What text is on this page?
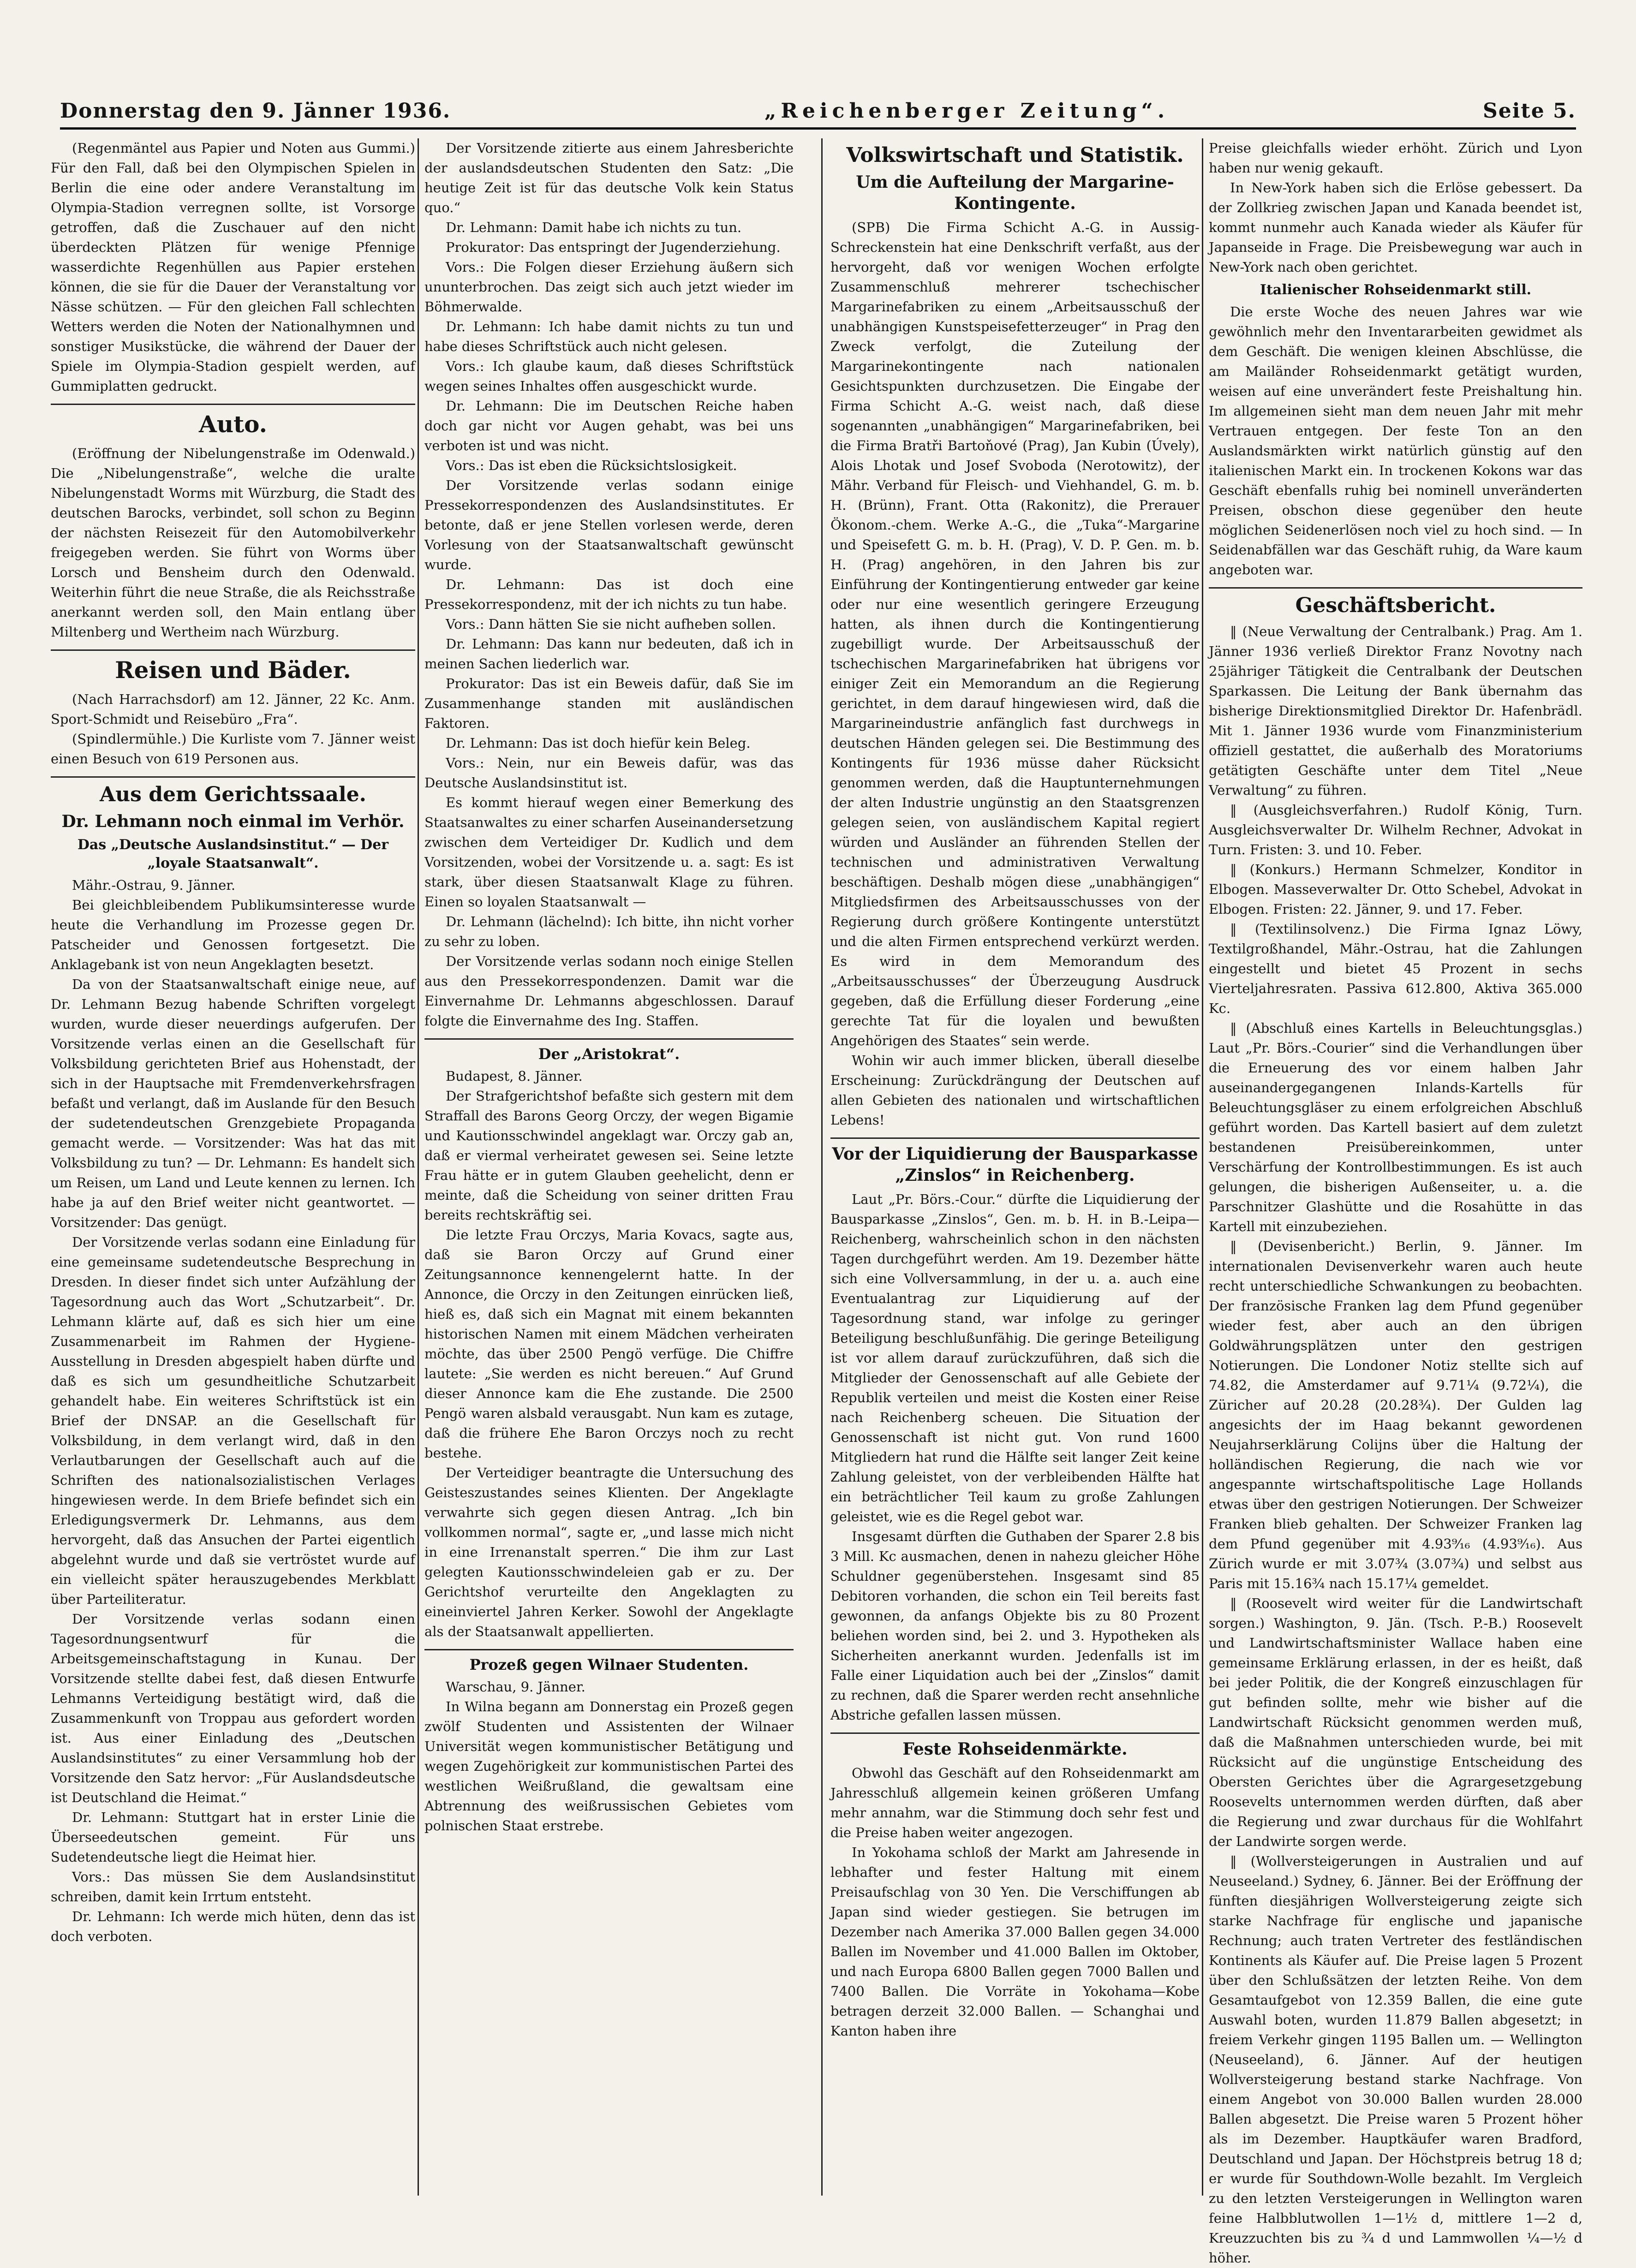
Donnerstag den 9. Jänner 1936.	„Reichenberger Zeitung“.	Seite 5.

(Regenmäntel aus Papier und Noten aus Gummi.) Für den Fall, daß bei den Olympischen Spielen in Berlin die eine oder andere Veranstaltung im Olympia-Stadion verregnen sollte, ist Vorsorge getroffen, daß die Zuschauer auf den nicht überdeckten Plätzen für wenige Pfennige wasserdichte Regenhüllen aus Papier erstehen können, die sie für die Dauer der Veranstaltung vor Nässe schützen. — Für den gleichen Fall schlechten Wetters werden die Noten der Nationalhymnen und sonstiger Musikstücke, die während der Dauer der Spiele im Olympia-Stadion gespielt werden, auf Gummiplatten gedruckt.

Auto.

(Eröffnung der Nibelungenstraße im Odenwald.) Die „Nibelungenstraße“, welche die uralte Nibelungenstadt Worms mit Würzburg, die Stadt des deutschen Barocks, verbindet, soll schon zu Beginn der nächsten Reisezeit für den Automobilverkehr freigegeben werden. Sie führt von Worms über Lorsch und Bensheim durch den Odenwald. Weiterhin führt die neue Straße, die als Reichsstraße anerkannt werden soll, den Main entlang über Miltenberg und Wertheim nach Würzburg.

Reisen und Bäder.

(Nach Harrachsdorf) am 12. Jänner, 22 Kc. Anm. Sport-Schmidt und Reisebüro „Fra“.

(Spindlermühle.) Die Kurliste vom 7. Jänner weist einen Besuch von 619 Personen aus.

Aus dem Gerichtssaale.
Dr. Lehmann noch einmal im Verhör.
Das „Deutsche Auslandsinstitut.“ — Der „loyale Staatsanwalt“.

Mähr.-Ostrau, 9. Jänner.

Bei gleichbleibendem Publikumsinteresse wurde heute die Verhandlung im Prozesse gegen Dr. Patscheider und Genossen fortgesetzt. Die Anklagebank ist von neun Angeklagten besetzt.

Da von der Staatsanwaltschaft einige neue, auf Dr. Lehmann Bezug habende Schriften vorgelegt wurden, wurde dieser neuerdings aufgerufen. Der Vorsitzende verlas einen an die Gesellschaft für Volksbildung gerichteten Brief aus Hohenstadt, der sich in der Hauptsache mit Fremdenverkehrsfragen befaßt und verlangt, daß im Auslande für den Besuch der sudetendeutschen Grenzgebiete Propaganda gemacht werde. — Vorsitzender: Was hat das mit Volksbildung zu tun? — Dr. Lehmann: Es handelt sich um Reisen, um Land und Leute kennen zu lernen. Ich habe ja auf den Brief weiter nicht geantwortet. — Vorsitzender: Das genügt.

Der Vorsitzende verlas sodann eine Einladung für eine gemeinsame sudetendeutsche Besprechung in Dresden. In dieser findet sich unter Aufzählung der Tagesordnung auch das Wort „Schutzarbeit“. Dr. Lehmann klärte auf, daß es sich hier um eine Zusammenarbeit im Rahmen der Hygiene-Ausstellung in Dresden abgespielt haben dürfte und daß es sich um gesundheitliche Schutzarbeit gehandelt habe. Ein weiteres Schriftstück ist ein Brief der DNSAP. an die Gesellschaft für Volksbildung, in dem verlangt wird, daß in den Verlautbarungen der Gesellschaft auch auf die Schriften des nationalsozialistischen Verlages hingewiesen werde. In dem Briefe befindet sich ein Erledigungsvermerk Dr. Lehmanns, aus dem hervorgeht, daß das Ansuchen der Partei eigentlich abgelehnt wurde und daß sie vertröstet wurde auf ein vielleicht später herauszugebendes Merkblatt über Parteiliteratur.

Der Vorsitzende verlas sodann einen Tagesordnungsentwurf für die Arbeitsgemeinschaftstagung in Kunau. Der Vorsitzende stellte dabei fest, daß diesen Entwurfe Lehmanns Verteidigung bestätigt wird, daß die Zusammenkunft von Troppau aus gefordert worden ist. Aus einer Einladung des „Deutschen Auslandsinstitutes“ zu einer Versammlung hob der Vorsitzende den Satz hervor: „Für Auslandsdeutsche ist Deutschland die Heimat.“

Dr. Lehmann: Stuttgart hat in erster Linie die Überseedeutschen gemeint. Für uns Sudetendeutsche liegt die Heimat hier.

Vors.: Das müssen Sie dem Auslandsinstitut schreiben, damit kein Irrtum entsteht.

Dr. Lehmann: Ich werde mich hüten, denn das ist doch verboten.

Der Vorsitzende zitierte aus einem Jahresberichte der auslandsdeutschen Studenten den Satz: „Die heutige Zeit ist für das deutsche Volk kein Status quo.“

Dr. Lehmann: Damit habe ich nichts zu tun.

Prokurator: Das entspringt der Jugenderziehung.

Vors.: Die Folgen dieser Erziehung äußern sich ununterbrochen. Das zeigt sich auch jetzt wieder im Böhmerwalde.

Dr. Lehmann: Ich habe damit nichts zu tun und habe dieses Schriftstück auch nicht gelesen.

Vors.: Ich glaube kaum, daß dieses Schriftstück wegen seines Inhaltes offen ausgeschickt wurde.

Dr. Lehmann: Die im Deutschen Reiche haben doch gar nicht vor Augen gehabt, was bei uns verboten ist und was nicht.

Vors.: Das ist eben die Rücksichtslosigkeit.

Der Vorsitzende verlas sodann einige Pressekorrespondenzen des Auslandsinstitutes. Er betonte, daß er jene Stellen vorlesen werde, deren Vorlesung von der Staatsanwaltschaft gewünscht wurde.

Dr. Lehmann: Das ist doch eine Pressekorrespondenz, mit der ich nichts zu tun habe.

Vors.: Dann hätten Sie sie nicht aufheben sollen.

Dr. Lehmann: Das kann nur bedeuten, daß ich in meinen Sachen liederlich war.

Prokurator: Das ist ein Beweis dafür, daß Sie im Zusammenhange standen mit ausländischen Faktoren.

Dr. Lehmann: Das ist doch hiefür kein Beleg.

Vors.: Nein, nur ein Beweis dafür, was das Deutsche Auslandsinstitut ist.

Es kommt hierauf wegen einer Bemerkung des Staatsanwaltes zu einer scharfen Auseinandersetzung zwischen dem Verteidiger Dr. Kudlich und dem Vorsitzenden, wobei der Vorsitzende u. a. sagt: Es ist stark, über diesen Staatsanwalt Klage zu führen. Einen so loyalen Staatsanwalt —

Dr. Lehmann (lächelnd): Ich bitte, ihn nicht vorher zu sehr zu loben.

Der Vorsitzende verlas sodann noch einige Stellen aus den Pressekorrespondenzen. Damit war die Einvernahme Dr. Lehmanns abgeschlossen. Darauf folgte die Einvernahme des Ing. Staffen.

Der „Aristokrat“.

Budapest, 8. Jänner.

Der Strafgerichtshof befaßte sich gestern mit dem Straffall des Barons Georg Orczy, der wegen Bigamie und Kautionsschwindel angeklagt war. Orczy gab an, daß er viermal verheiratet gewesen sei. Seine letzte Frau hätte er in gutem Glauben geehelicht, denn er meinte, daß die Scheidung von seiner dritten Frau bereits rechtskräftig sei.

Die letzte Frau Orczys, Maria Kovacs, sagte aus, daß sie Baron Orczy auf Grund einer Zeitungsannonce kennengelernt hatte. In der Annonce, die Orczy in den Zeitungen einrücken ließ, hieß es, daß sich ein Magnat mit einem bekannten historischen Namen mit einem Mädchen verheiraten möchte, das über 2500 Pengö verfüge. Die Chiffre lautete: „Sie werden es nicht bereuen.“ Auf Grund dieser Annonce kam die Ehe zustande. Die 2500 Pengö waren alsbald verausgabt. Nun kam es zutage, daß die frühere Ehe Baron Orczys noch zu recht bestehe.

Der Verteidiger beantragte die Untersuchung des Geisteszustandes seines Klienten. Der Angeklagte verwahrte sich gegen diesen Antrag. „Ich bin vollkommen normal“, sagte er, „und lasse mich nicht in eine Irrenanstalt sperren.“ Die ihm zur Last gelegten Kautionsschwindeleien gab er zu. Der Gerichtshof verurteilte den Angeklagten zu eineinviertel Jahren Kerker. Sowohl der Angeklagte als der Staatsanwalt appellierten.

Prozeß gegen Wilnaer Studenten.

Warschau, 9. Jänner.

In Wilna begann am Donnerstag ein Prozeß gegen zwölf Studenten und Assistenten der Wilnaer Universität wegen kommunistischer Betätigung und wegen Zugehörigkeit zur kommunistischen Partei des westlichen Weißrußland, die gewaltsam eine Abtrennung des weißrussischen Gebietes vom polnischen Staat erstrebe.

Volkswirtschaft und Statistik.
Um die Aufteilung der Margarine-Kontingente.

(SPB) Die Firma Schicht A.-G. in Aussig-Schreckenstein hat eine Denkschrift verfaßt, aus der hervorgeht, daß vor wenigen Wochen erfolgte Zusammenschluß mehrerer tschechischer Margarinefabriken zu einem „Arbeitsausschuß der unabhängigen Kunstspeisefetterzeuger“ in Prag den Zweck verfolgt, die Zuteilung der Margarinekontingente nach nationalen Gesichtspunkten durchzusetzen. Die Eingabe der Firma Schicht A.-G. weist nach, daß diese sogenannten „unabhängigen“ Margarinefabriken, bei die Firma Bratři Bartoňové (Prag), Jan Kubin (Úvely), Alois Lhotak und Josef Svoboda (Nerotowitz), der Mähr. Verband für Fleisch- und Viehhandel, G. m. b. H. (Brünn), Frant. Otta (Rakonitz), die Prerauer Ökonom.-chem. Werke A.-G., die „Tuka“-Margarine und Speisefett G. m. b. H. (Prag), V. D. P. Gen. m. b. H. (Prag) angehören, in den Jahren bis zur Einführung der Kontingentierung entweder gar keine oder nur eine wesentlich geringere Erzeugung hatten, als ihnen durch die Kontingentierung zugebilligt wurde. Der Arbeitsausschuß der tschechischen Margarinefabriken hat übrigens vor einiger Zeit ein Memorandum an die Regierung gerichtet, in dem darauf hingewiesen wird, daß die Margarineindustrie anfänglich fast durchwegs in deutschen Händen gelegen sei. Die Bestimmung des Kontingents für 1936 müsse daher Rücksicht genommen werden, daß die Hauptunternehmungen der alten Industrie ungünstig an den Staatsgrenzen gelegen seien, von ausländischem Kapital regiert würden und Ausländer an führenden Stellen der technischen und administrativen Verwaltung beschäftigen. Deshalb mögen diese „unabhängigen“ Mitgliedsfirmen des Arbeitsausschusses von der Regierung durch größere Kontingente unterstützt und die alten Firmen entsprechend verkürzt werden. Es wird in dem Memorandum des „Arbeitsausschusses“ der Überzeugung Ausdruck gegeben, daß die Erfüllung dieser Forderung „eine gerechte Tat für die loyalen und bewußten Angehörigen des Staates“ sein werde.

Wohin wir auch immer blicken, überall dieselbe Erscheinung: Zurückdrängung der Deutschen auf allen Gebieten des nationalen und wirtschaftlichen Lebens!

Vor der Liquidierung der Bausparkasse „Zinslos“ in Reichenberg.

Laut „Pr. Börs.-Cour.“ dürfte die Liquidierung der Bausparkasse „Zinslos“, Gen. m. b. H. in B.-Leipa—Reichenberg, wahrscheinlich schon in den nächsten Tagen durchgeführt werden. Am 19. Dezember hätte sich eine Vollversammlung, in der u. a. auch eine Eventualantrag zur Liquidierung auf der Tagesordnung stand, war infolge zu geringer Beteiligung beschlußunfähig. Die geringe Beteiligung ist vor allem darauf zurückzuführen, daß sich die Mitglieder der Genossenschaft auf alle Gebiete der Republik verteilen und meist die Kosten einer Reise nach Reichenberg scheuen. Die Situation der Genossenschaft ist nicht gut. Von rund 1600 Mitgliedern hat rund die Hälfte seit langer Zeit keine Zahlung geleistet, von der verbleibenden Hälfte hat ein beträchtlicher Teil kaum zu große Zahlungen geleistet, wie es die Regel gebot war.

Insgesamt dürften die Guthaben der Sparer 2.8 bis 3 Mill. Kc ausmachen, denen in nahezu gleicher Höhe Schuldner gegenüberstehen. Insgesamt sind 85 Debitoren vorhanden, die schon ein Teil bereits fast gewonnen, da anfangs Objekte bis zu 80 Prozent beliehen worden sind, bei 2. und 3. Hypotheken als Sicherheiten anerkannt wurden. Jedenfalls ist im Falle einer Liquidation auch bei der „Zinslos“ damit zu rechnen, daß die Sparer werden recht ansehnliche Abstriche gefallen lassen müssen.

Feste Rohseidenmärkte.

Obwohl das Geschäft auf den Rohseidenmarkt am Jahresschluß allgemein keinen größeren Umfang mehr annahm, war die Stimmung doch sehr fest und die Preise haben weiter angezogen.

In Yokohama schloß der Markt am Jahresende in lebhafter und fester Haltung mit einem Preisaufschlag von 30 Yen. Die Verschiffungen ab Japan sind wieder gestiegen. Sie betrugen im Dezember nach Amerika 37.000 Ballen gegen 34.000 Ballen im November und 41.000 Ballen im Oktober, und nach Europa 6800 Ballen gegen 7000 Ballen und 7400 Ballen. Die Vorräte in Yokohama—Kobe betragen derzeit 32.000 Ballen. — Schanghai und Kanton haben ihre

Preise gleichfalls wieder erhöht. Zürich und Lyon haben nur wenig gekauft.

In New-York haben sich die Erlöse gebessert. Da der Zollkrieg zwischen Japan und Kanada beendet ist, kommt nunmehr auch Kanada wieder als Käufer für Japanseide in Frage. Die Preisbewegung war auch in New-York nach oben gerichtet.

Italienischer Rohseidenmarkt still.

Die erste Woche des neuen Jahres war wie gewöhnlich mehr den Inventararbeiten gewidmet als dem Geschäft. Die wenigen kleinen Abschlüsse, die am Mailänder Rohseidenmarkt getätigt wurden, weisen auf eine unverändert feste Preishaltung hin. Im allgemeinen sieht man dem neuen Jahr mit mehr Vertrauen entgegen. Der feste Ton an den Auslandsmärkten wirkt natürlich günstig auf den italienischen Markt ein. In trockenen Kokons war das Geschäft ebenfalls ruhig bei nominell unveränderten Preisen, obschon diese gegenüber den heute möglichen Seidenerlösen noch viel zu hoch sind. — In Seidenabfällen war das Geschäft ruhig, da Ware kaum angeboten war.

Geschäftsbericht.

‖ (Neue Verwaltung der Centralbank.) Prag. Am 1. Jänner 1936 verließ Direktor Franz Novotny nach 25jähriger Tätigkeit die Centralbank der Deutschen Sparkassen. Die Leitung der Bank übernahm das bisherige Direktionsmitglied Direktor Dr. Hafenbrädl. Mit 1. Jänner 1936 wurde vom Finanzministerium offiziell gestattet, die außerhalb des Moratoriums getätigten Geschäfte unter dem Titel „Neue Verwaltung“ zu führen.

‖ (Ausgleichsverfahren.) Rudolf König, Turn. Ausgleichsverwalter Dr. Wilhelm Rechner, Advokat in Turn. Fristen: 3. und 10. Feber.

‖ (Konkurs.) Hermann Schmelzer, Konditor in Elbogen. Masseverwalter Dr. Otto Schebel, Advokat in Elbogen. Fristen: 22. Jänner, 9. und 17. Feber.

‖ (Textilinsolvenz.) Die Firma Ignaz Löwy, Textilgroßhandel, Mähr.-Ostrau, hat die Zahlungen eingestellt und bietet 45 Prozent in sechs Vierteljahresraten. Passiva 612.800, Aktiva 365.000 Kc.

‖ (Abschluß eines Kartells in Beleuchtungsglas.) Laut „Pr. Börs.-Courier“ sind die Verhandlungen über die Erneuerung des vor einem halben Jahr auseinandergegangenen Inlands-Kartells für Beleuchtungsgläser zu einem erfolgreichen Abschluß geführt worden. Das Kartell basiert auf dem zuletzt bestandenen Preisübereinkommen, unter Verschärfung der Kontrollbestimmungen. Es ist auch gelungen, die bisherigen Außenseiter, u. a. die Parschnitzer Glashütte und die Rosahütte in das Kartell mit einzubeziehen.

‖ (Devisenbericht.) Berlin, 9. Jänner. Im internationalen Devisenverkehr waren auch heute recht unterschiedliche Schwankungen zu beobachten. Der französische Franken lag dem Pfund gegenüber wieder fest, aber auch an den übrigen Goldwährungsplätzen unter den gestrigen Notierungen. Die Londoner Notiz stellte sich auf 74.82, die Amsterdamer auf 9.71¼ (9.72¼), die Züricher auf 20.28 (20.28¾). Der Gulden lag angesichts der im Haag bekannt gewordenen Neujahrserklärung Colijns über die Haltung der holländischen Regierung, die nach wie vor angespannte wirtschaftspolitische Lage Hollands etwas über den gestrigen Notierungen. Der Schweizer Franken blieb gehalten. Der Schweizer Franken lag dem Pfund gegenüber mit 4.93⁹⁄₁₆ (4.93⁹⁄₁₆). Aus Zürich wurde er mit 3.07¾ (3.07¾) und selbst aus Paris mit 15.16¾ nach 15.17¼ gemeldet.

‖ (Roosevelt wird weiter für die Landwirtschaft sorgen.) Washington, 9. Jän. (Tsch. P.-B.) Roosevelt und Landwirtschaftsminister Wallace haben eine gemeinsame Erklärung erlassen, in der es heißt, daß bei jeder Politik, die der Kongreß einzuschlagen für gut befinden sollte, mehr wie bisher auf die Landwirtschaft Rücksicht genommen werden muß, daß die Maßnahmen unterschieden wurde, bei mit Rücksicht auf die ungünstige Entscheidung des Obersten Gerichtes über die Agrargesetzgebung Roosevelts unternommen werden dürften, daß aber die Regierung und zwar durchaus für die Wohlfahrt der Landwirte sorgen werde.

‖ (Wollversteigerungen in Australien und auf Neuseeland.) Sydney, 6. Jänner. Bei der Eröffnung der fünften diesjährigen Wollversteigerung zeigte sich starke Nachfrage für englische und japanische Rechnung; auch traten Vertreter des festländischen Kontinents als Käufer auf. Die Preise lagen 5 Prozent über den Schlußsätzen der letzten Reihe. Von dem Gesamtaufgebot von 12.359 Ballen, die eine gute Auswahl boten, wurden 11.879 Ballen abgesetzt; in freiem Verkehr gingen 1195 Ballen um. — Wellington (Neuseeland), 6. Jänner. Auf der heutigen Wollversteigerung bestand starke Nachfrage. Von einem Angebot von 30.000 Ballen wurden 28.000 Ballen abgesetzt. Die Preise waren 5 Prozent höher als im Dezember. Hauptkäufer waren Bradford, Deutschland und Japan. Der Höchstpreis betrug 18 d; er wurde für Southdown-Wolle bezahlt. Im Vergleich zu den letzten Versteigerungen in Wellington waren feine Halbblutwollen 1—1½ d, mittlere 1—2 d, Kreuzzuchten bis zu ¾ d und Lammwollen ¼—½ d höher.
